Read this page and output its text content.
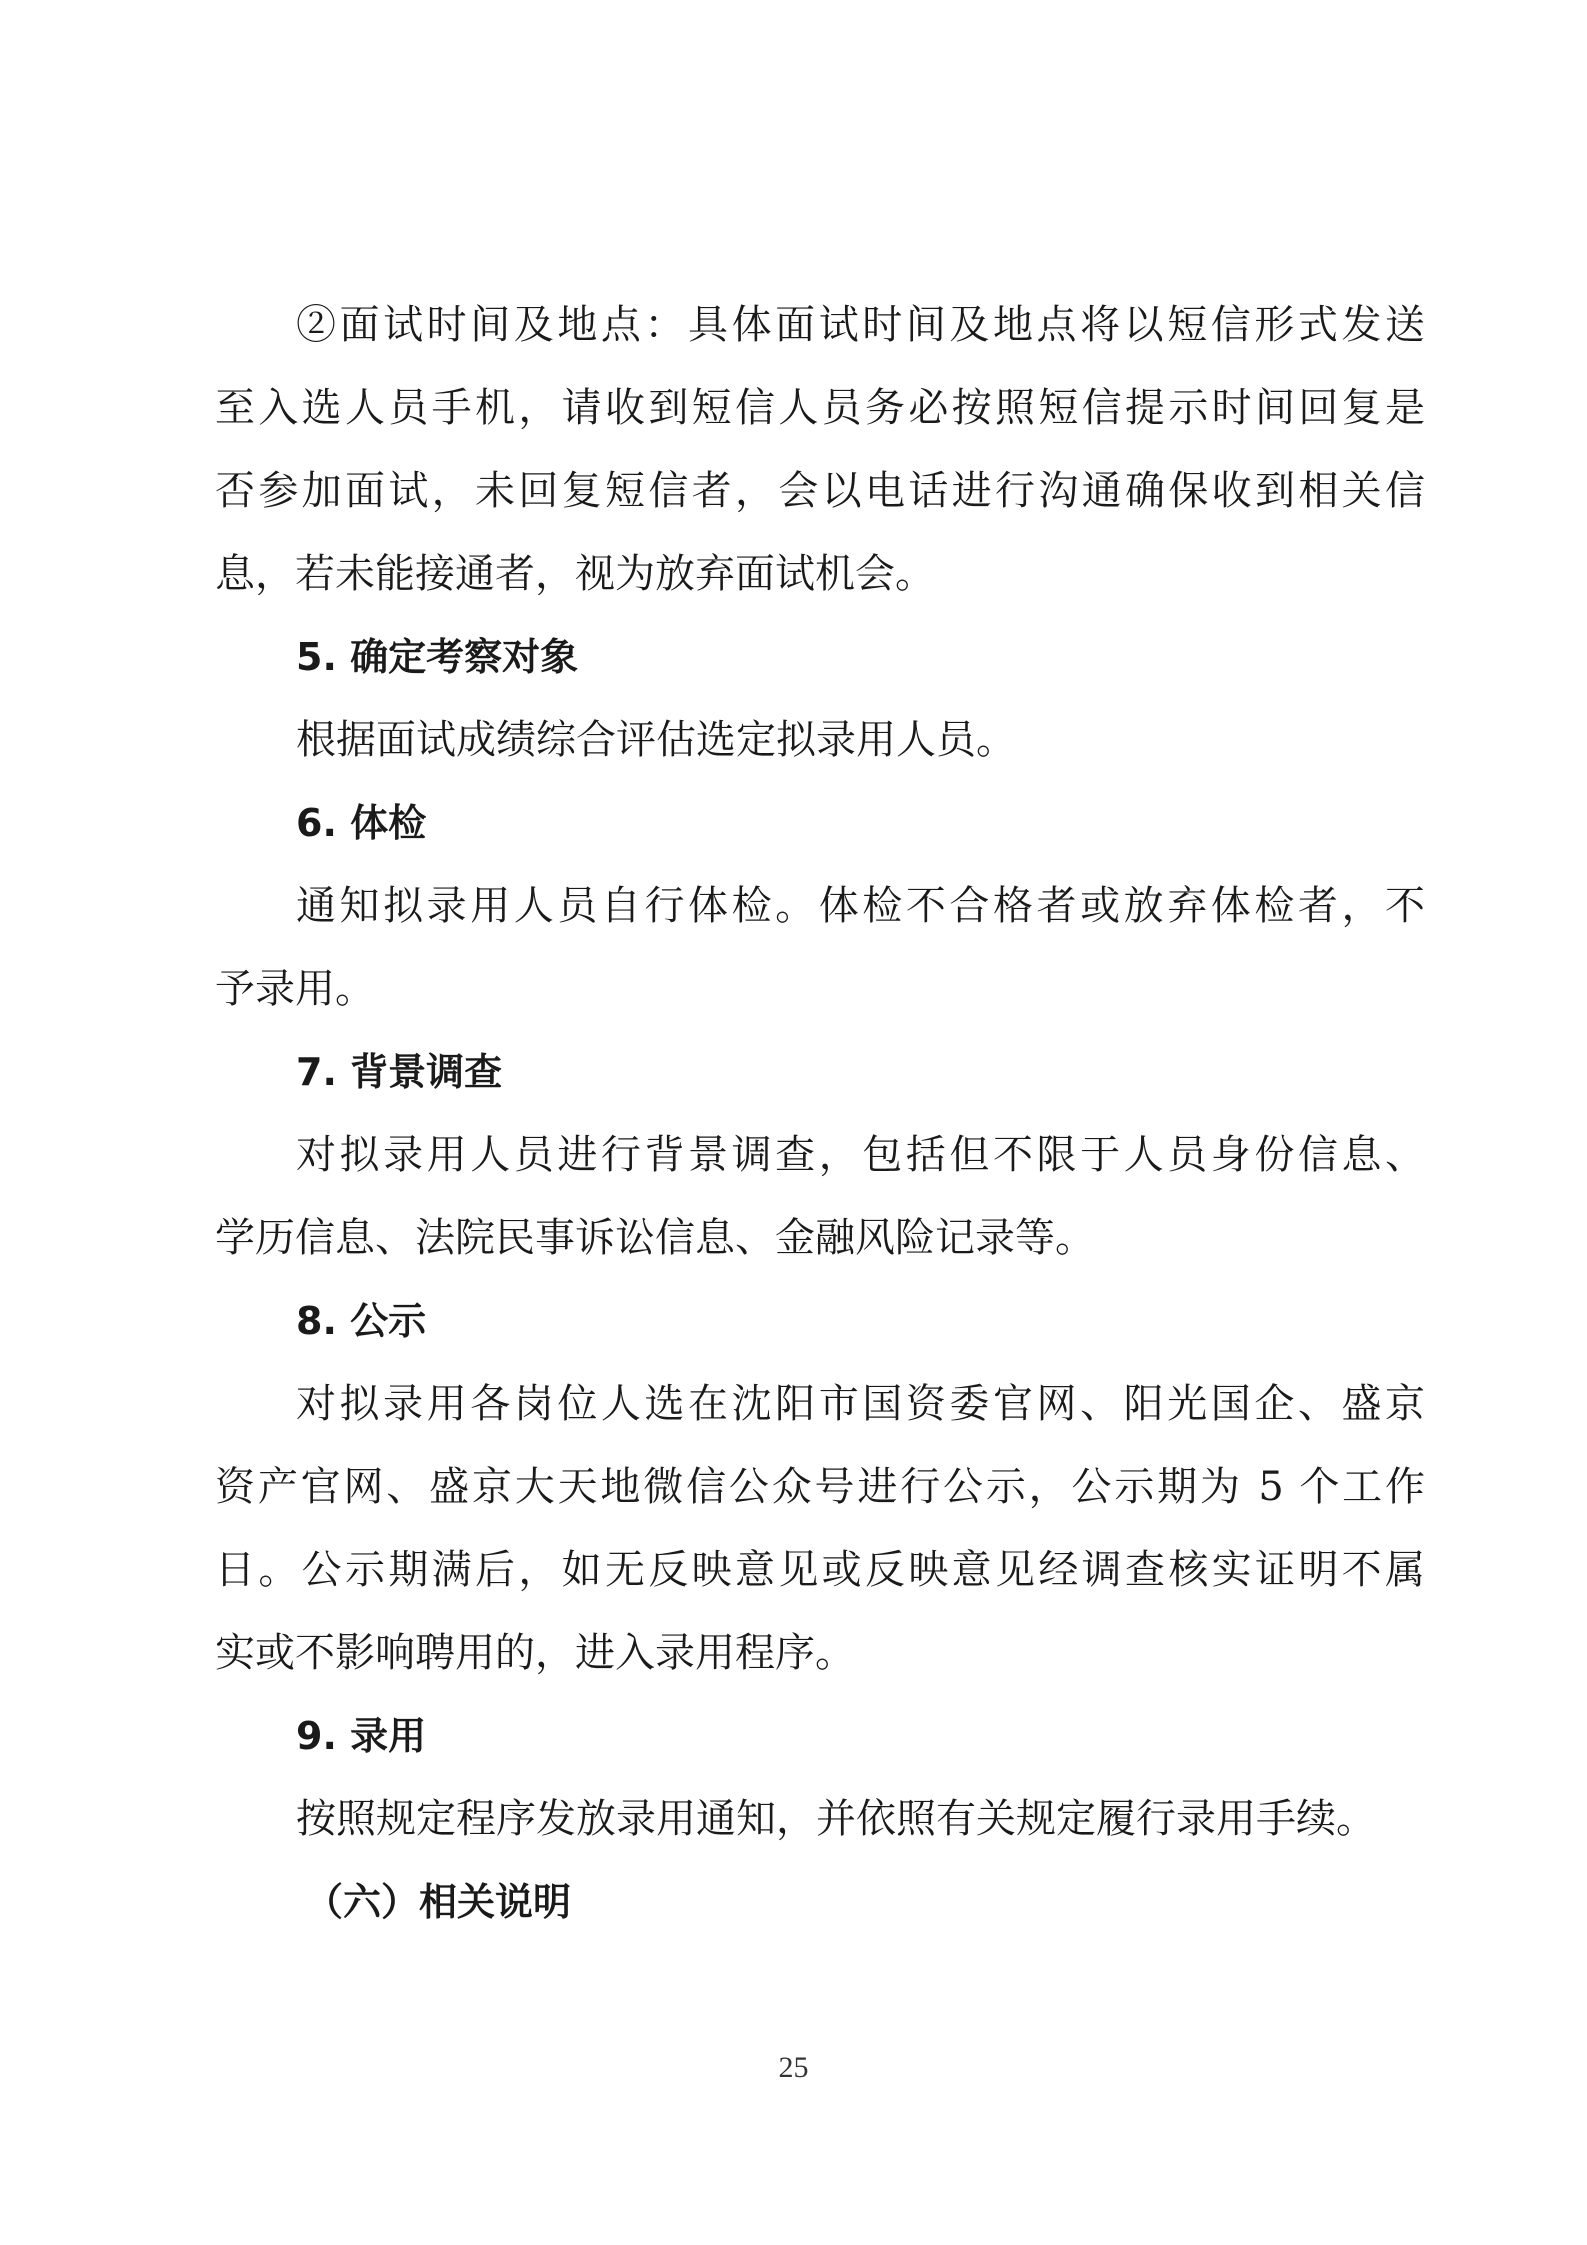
②面试时间及地点：具体面试时间及地点将以短信形式发送
至入选人员手机，请收到短信人员务必按照短信提示时间回复是
否参加面试，未回复短信者，会以电话进行沟通确保收到相关信
息，若未能接通者，视为放弃面试机会。
5. 确定考察对象
根据面试成绩综合评估选定拟录用人员。
6. 体检
通知拟录用人员自行体检。体检不合格者或放弃体检者，不
予录用。
7. 背景调查
对拟录用人员进行背景调查，包括但不限于人员身份信息、
学历信息、法院民事诉讼信息、金融风险记录等。
8. 公示
对拟录用各岗位人选在沈阳市国资委官网、阳光国企、盛京
资产官网、盛京大天地微信公众号进行公示，公示期为 5 个工作
日。公示期满后，如无反映意见或反映意见经调查核实证明不属
实或不影响聘用的，进入录用程序。
9. 录用
按照规定程序发放录用通知，并依照有关规定履行录用手续。
（六）相关说明
25
